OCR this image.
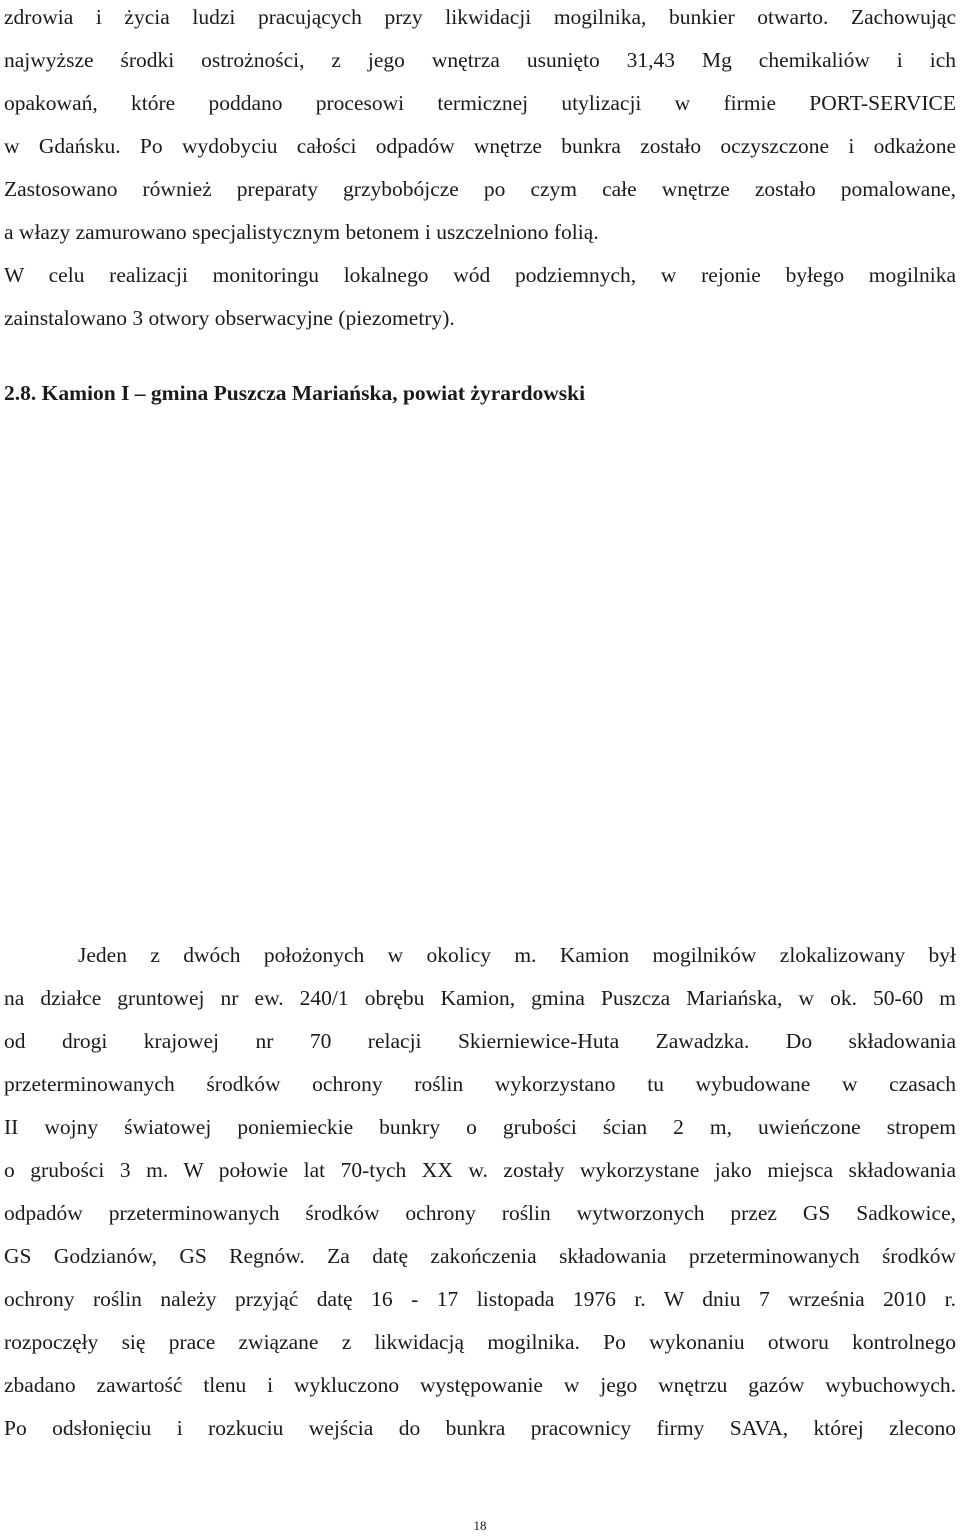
zdrowia i życia ludzi pracujących przy likwidacji mogilnika, bunkier otwarto. Zachowując
najwyższe środki ostrożności, z jego wnętrza usunięto 31,43 Mg chemikaliów i ich
opakowań, które poddano procesowi termicznej utylizacji w firmie PORT-SERVICE
w Gdańsku. Po wydobyciu całości odpadów wnętrze bunkra zostało oczyszczone i odkażone
Zastosowano również preparaty grzybobójcze po czym całe wnętrze zostało pomalowane,
a włazy zamurowano specjalistycznym betonem i uszczelniono folią.
W celu realizacji monitoringu lokalnego wód podziemnych, w rejonie byłego mogilnika
zainstalowano 3 otwory obserwacyjne (piezometry).
2.8. Kamion I – gmina Puszcza Mariańska, powiat żyrardowski
Jeden z dwóch położonych w okolicy m. Kamion mogilników zlokalizowany był
na działce gruntowej nr ew. 240/1 obrębu Kamion, gmina Puszcza Mariańska, w ok. 50-60 m
od drogi krajowej nr 70 relacji Skierniewice-Huta Zawadzka. Do składowania
przeterminowanych środków ochrony roślin wykorzystano tu wybudowane w czasach
II wojny światowej poniemieckie bunkry o grubości ścian 2 m, uwieńczone stropem
o grubości 3 m. W połowie lat 70-tych XX w. zostały wykorzystane jako miejsca składowania
odpadów przeterminowanych środków ochrony roślin wytworzonych przez GS Sadkowice,
GS Godzianów, GS Regnów. Za datę zakończenia składowania przeterminowanych środków
ochrony roślin należy przyjąć datę 16 - 17 listopada 1976 r. W dniu 7 września 2010 r.
rozpoczęły się prace związane z likwidacją mogilnika. Po wykonaniu otworu kontrolnego
zbadano zawartość tlenu i wykluczono występowanie w jego wnętrzu gazów wybuchowych.
Po odsłonięciu i rozkuciu wejścia do bunkra pracownicy firmy SAVA, której zlecono
18
